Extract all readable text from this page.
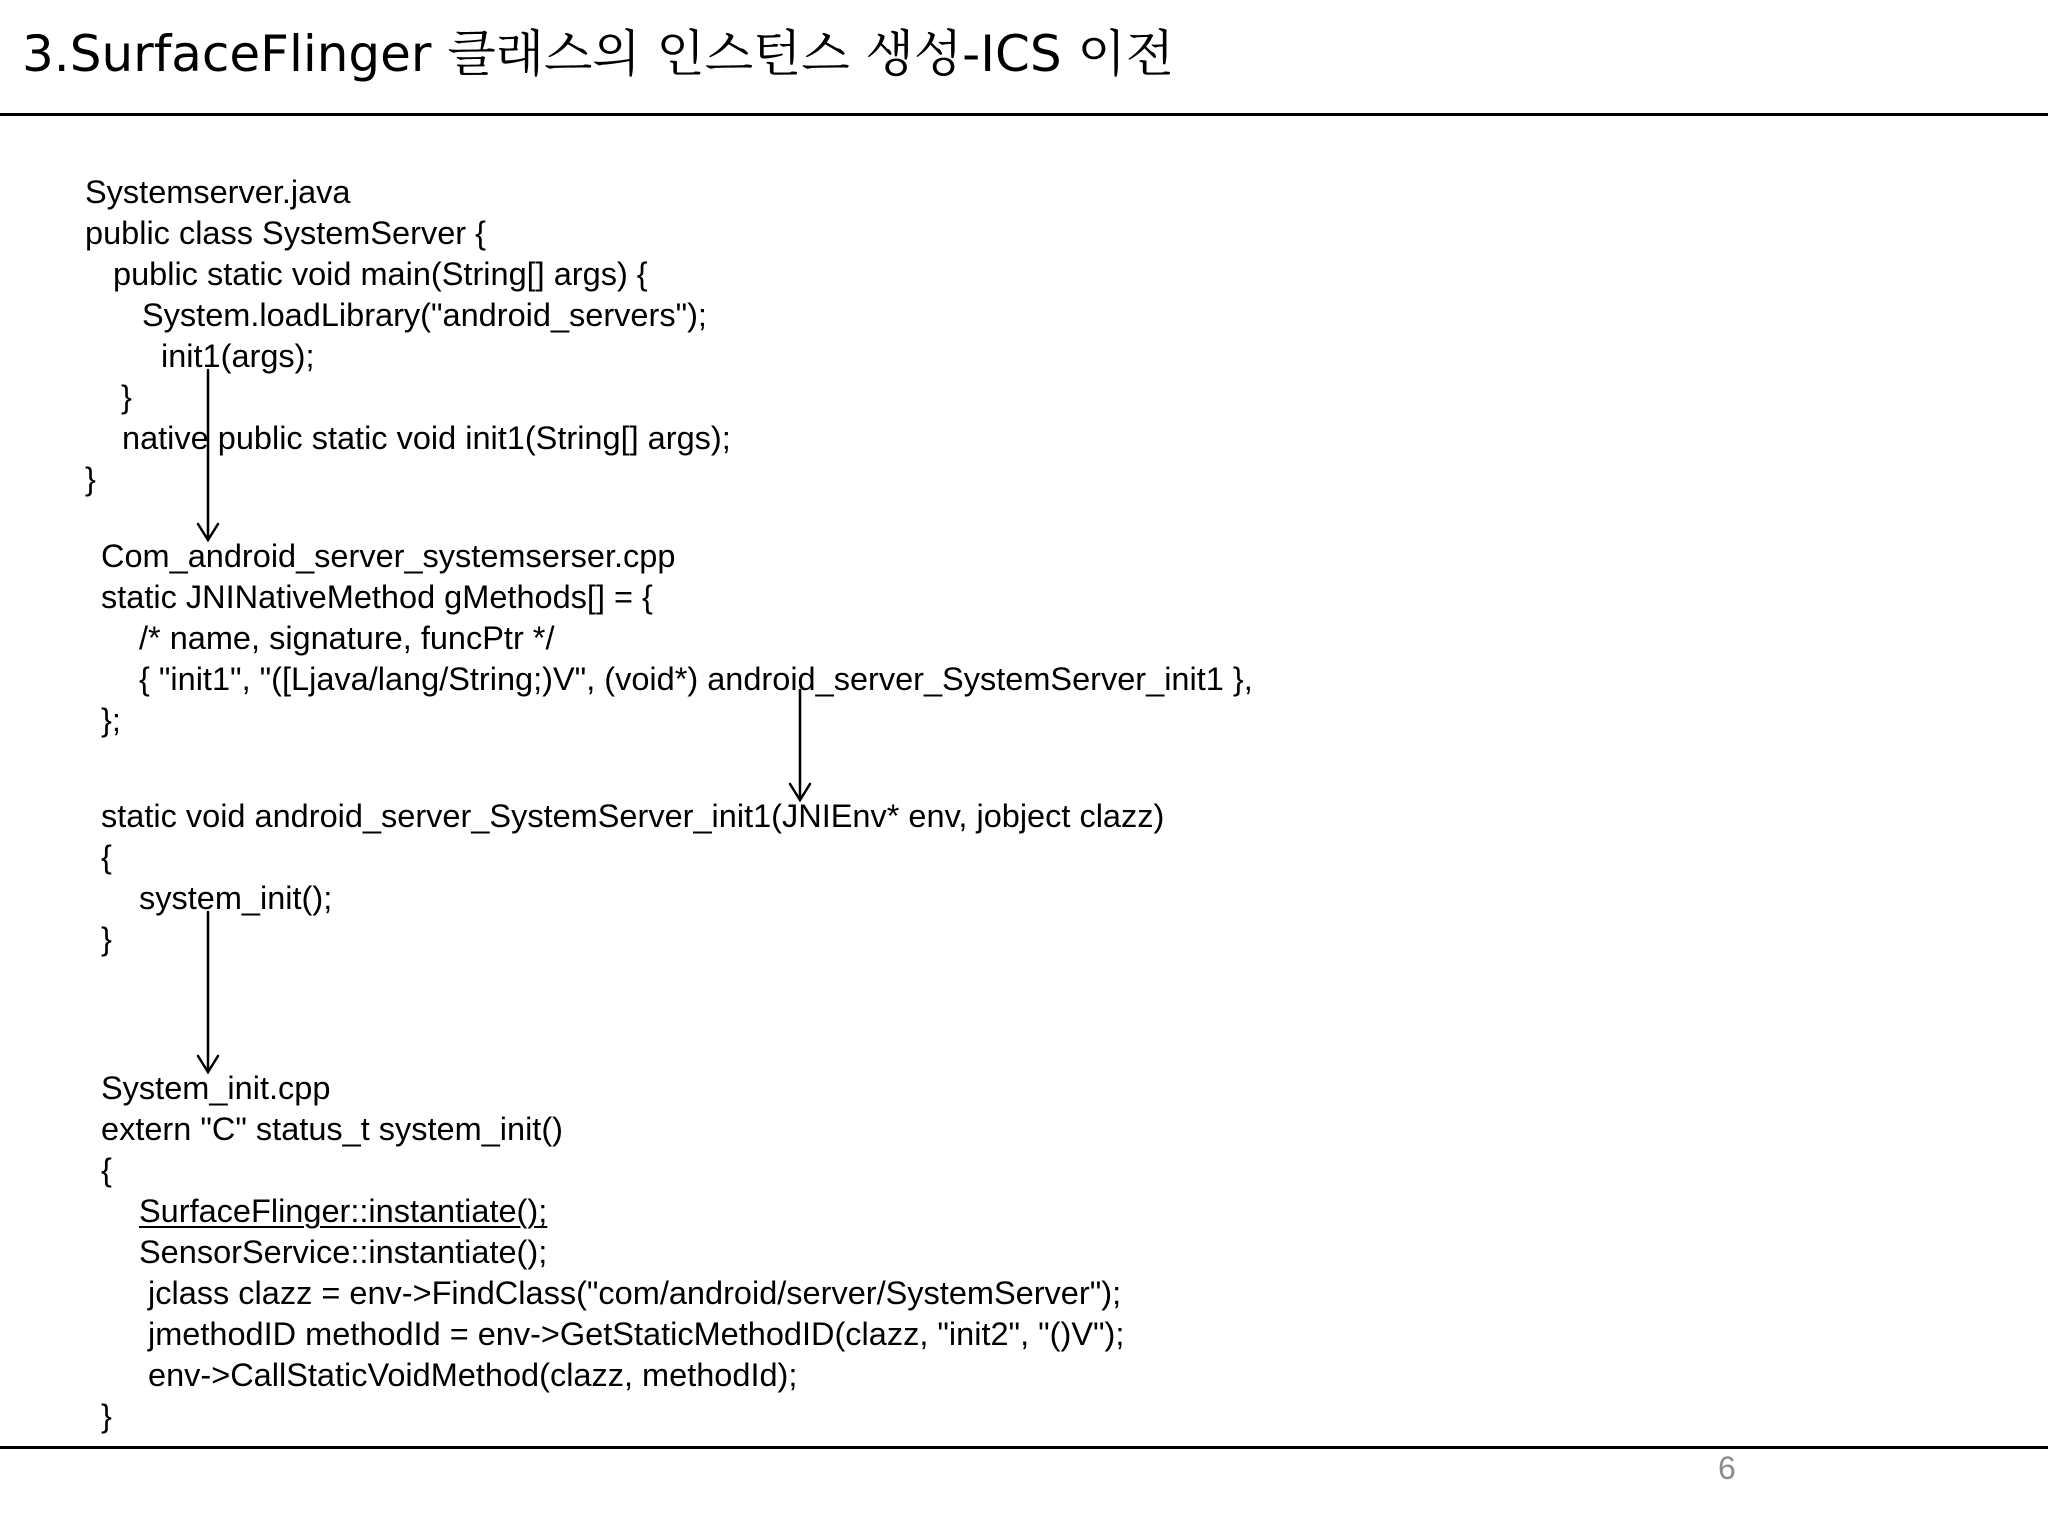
3.SurfaceFlinger 클래스의 인스턴스 생성-ICS 이전
Systemserver.java
public class SystemServer {
public static void main(String[] args) {
System.loadLibrary("android_servers");
init1(args);
}
native public static void init1(String[] args);
}
Com_android_server_systemserser.cpp
static JNINativeMethod gMethods[] = {
/* name, signature, funcPtr */
{ "init1", "([Ljava/lang/String;)V", (void*) android_server_SystemServer_init1 },
};
static void android_server_SystemServer_init1(JNIEnv* env, jobject clazz)
{
system_init();
}
System_init.cpp
extern "C" status_t system_init()
{
SurfaceFlinger::instantiate();
SensorService::instantiate();
jclass clazz = env->FindClass("com/android/server/SystemServer");
jmethodID methodId = env->GetStaticMethodID(clazz, "init2", "()V");
env->CallStaticVoidMethod(clazz, methodId);
}
6
